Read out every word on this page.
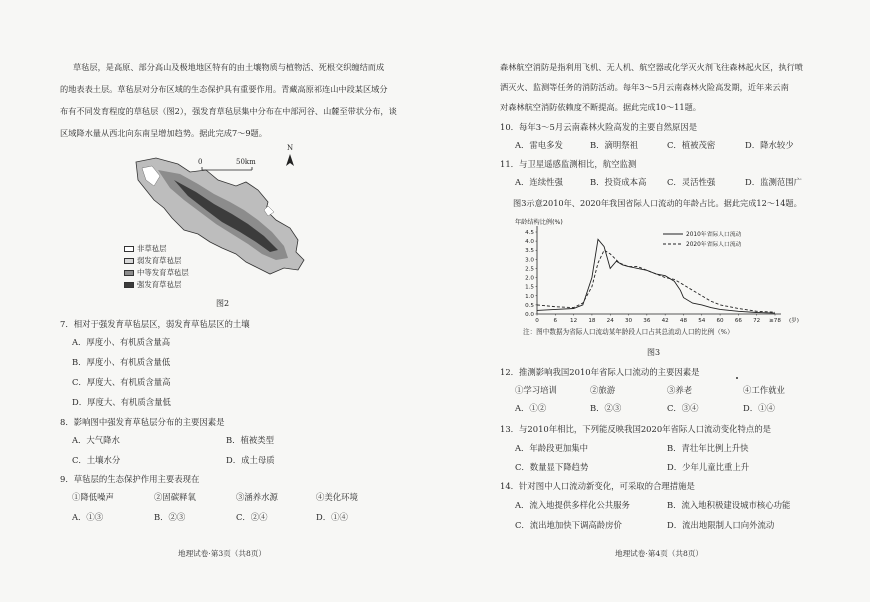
草毡层，是高原、部分高山及极地地区特有的由土壤物质与植物活、死根交织缠结而成
的地表表土层。草毡层对分布区域的生态保护具有重要作用。青藏高原祁连山中段某区域分
布有不同发育程度的草毡层（图2），强发育草毡层集中分布在中部河谷、山麓至带状分布，谈
区域降水量从西北向东南呈增加趋势。据此完成7～9题。
0	50km
N
非草毡层
弱发育草毡层
中等发育草毡层
强发育草毡层
图2
7．相对于强发育草毡层区，弱发育草毡层区的土壤
A．厚度小、有机质含量高
B．厚度小、有机质含量低
C．厚度大、有机质含量高
D．厚度大、有机质含量低
8．影响图中强发育草毡层分布的主要因素是
A．大气降水	B．植被类型
C．土壤水分	D．成土母质
9．草毡层的生态保护作用主要表现在
①降低噪声	②固碳释氧	③涵养水源	④美化环境
A．①③	B．②③	C．②④	D．①④
地理试卷·第3页（共8页）
森林航空消防是指利用飞机、无人机、航空器或化学灭火剂飞往森林起火区，执行喷
洒灭火、监测等任务的消防活动。每年3～5月云南森林火险高发期，近年来云南
对森林航空消防依赖度不断提高。据此完成10～11题。
10．每年3～5月云南森林火险高发的主要自然原因是
A．雷电多发	B．滴明祭祖	C．植被茂密	D．降水较少
11．与卫星遥感监测相比，航空监测
A．连续性强	B．投资成本高 C．灵活性强	D．监测范围广
图3示意2010年、2020年我国省际人口流动的年龄占比。据此完成12～14题。
注：图中数据为省际人口流动某年龄段人口占其总流动人口的比例（%）
图3
12．推测影响我国2010年省际人口流动的主要因素是
①学习培训	②旅游	③养老	④工作就业
A．①②	B．②③	C．③④	D．①④
13．与2010年相比，下列能反映我国2020年省际人口流动变化特点的是
A．年龄段更加集中	B．青壮年比例上升快
C．数量显下降趋势	D．少年儿童比重上升
14．针对图中人口流动新变化，可采取的合理措施是
A．流入地提供多样化公共服务	B．流入地积极建设城市核心功能
C．流出地加快下调高龄房价	D．流出地限制人口向外流动
地理试卷·第4页（共8页）
年龄结构比例(%)
0.0
0.5
1.0
1.5
2.0
2.5
3.0
3.5
4.0
4.5
0	6 12 18 24 30 36 42 48 54 60 66 72 ≥78 (岁)
2010年省际人口流动
2020年省际人口流动
